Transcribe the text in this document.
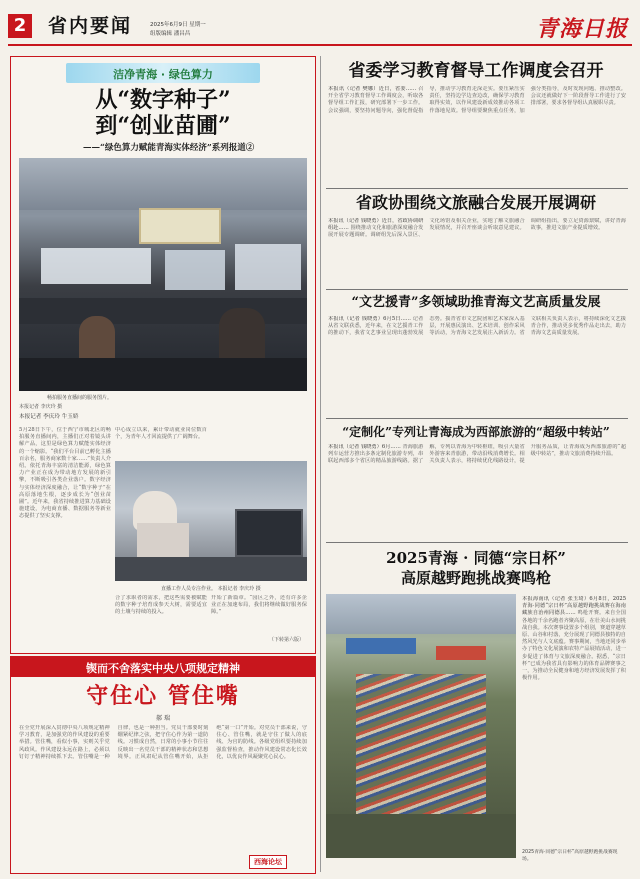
2	省内要闻	2025年6月9日 星期一
组版编辑 潘昌昌	青海日报
洁净青海 · 绿色算力
从“数字种子”
到“创业苗圃”
——“绿色算力赋能青海实体经济”系列报道②
畅拍服务直播间的服务图片。
本报记者 李庆玲 摄
本报记者 李庆玲 牛玉娇
5月28日下午，位于西宁市城北区的畅拍服务直播间内，主播们正对着镜头讲解产品，这里是绿色算力赋能实体经济的一个缩影。“我们平台目前已孵化主播百余名，服务商家数十家……”负责人介绍。依托青海丰富的清洁能源，绿色算力产业正在成为带动地方发展的新引擎，不断吸引各类企业落户。数字经济与实体经济深度融合，让“数字种子”在高原落地生根，逐步成长为“创业苗圃”。近年来，我省持续推进算力基础设施建设，为电商直播、数据服务等新业态提供了坚实支撑。
中心成立以来，累计带动就业岗位数百个，为青年人才回流提供了广阔舞台。
直播工作人员专注作业。 本报记者 李庆玲 摄
合了求职者的需求，把这些需要被赋能的数字种子培育成参天大树，需要适宜的土壤与持续的投入。
开始了新篇章。“园区之外，还有许多企业正在加速布局，我们将继续做好服务保障。”
（下转第六版）
锲而不舍落实中央八项规定精神
守住心 管住嘴
郝 瑞
在全党开展深入贯彻中央八项规定精神学习教育，是加强党的作风建设的重要举措。管住嘴，看似小事，实则关乎党风政风。作风建设永远在路上，必须以钉钉子精神持续抓下去。管住嘴是一种自律，也是一种担当。党员干部要时刻绷紧纪律之弦，把守住心作为第一道防线。习惯成自然，日常的小事小节往往反映出一名党员干部的精神状态和思想境界。正风肃纪从管住嘴开始，从拒绝“第一口”开始。对党员干部来说，守住心、管住嘴，就是守住了做人的底线、为官的防线。各级党组织要持续加强监督检查，推动作风建设常态化长效化，以优良作风凝聚党心民心。
西海论坛
省委学习教育督导工作调度会召开
本报讯（记者 樊娜）近日，省委…… 召开全省学习教育督导工作调度会，听取各督导组工作汇报，研究部署下一步工作。会议强调，要坚持问题导向，强化督促指导，推动学习教育走深走实。要压紧压实责任，坚持边学边查边改，确保学习教育取得实效，以作风建设新成效推动各项工作落地见效。督导组要聚焦重点任务，加强分类指导，及时发现问题、推动整改。会议还就做好下一阶段督导工作进行了安排部署，要求各督导组认真履职尽责。
省政协围绕文旅融合发展开展调研
本报讯（记者 钱晓勇）近日，省政协调研组赴…… 围绕推动文化和旅游深度融合发展开展专题调研。调研组先后深入景区、文化场馆及相关企业，实地了解文旅融合发展情况，并召开座谈会听取意见建议。调研组指出，要立足资源禀赋，讲好青海故事，推进文旅产业提质增效。
“文艺援青”多领域助推青海文艺高质量发展
本报讯（记者 钱晓勇）6月5日…… 记者从省文联获悉，近年来，在文艺援青工作的推动下，我省文艺事业呈现出蓬勃发展态势。援青省市文艺院团和艺术家深入基层，开展惠民演出、艺术培训、创作采风等活动，为青海文艺发展注入新活力。省文联相关负责人表示，将持续深化文艺援青合作，推动更多优秀作品走出去，助力青海文艺高质量发展。
“定制化”专列让青海成为西部旅游的“超级中转站”
本报讯（记者 钱晓勇）6月…… 青海旅游列车运营方推出多条定制化旅游专列，串联起西部多个省区的精品旅游线路。据了解，专列以青海为中转枢纽，吸引大量省外游客来青旅游，带动沿线消费增长。相关负责人表示，将持续优化线路设计，提升服务品质，让青海成为西部旅游的“超级中转站”，推动文旅消费持续升温。
2025青海 · 同德“宗日杯”
高原越野跑挑战赛鸣枪
2025青海·同德“宗日杯”高原越野跑挑战赛现场。
本报海南讯（记者 张玉琦）6月8日，2025青海·同德“宗日杯”高原越野跑挑战赛在海南藏族自治州同德县…… 鸣枪开赛。来自全国各地的千余名跑者齐聚高原，在壮美山水间挑战自我。本次赛事设置多个组别，赛道穿越草原、山谷和村落，充分展现了同德县独特的自然风光与人文底蕴。赛事期间，当地还同步举办了特色文化展演和农特产品展销活动，进一步促进了体育与文旅深度融合。据悉，“宗日杯”已成为我省具有影响力的体育品牌赛事之一，为推动全民健身和地方经济发展发挥了积极作用。
